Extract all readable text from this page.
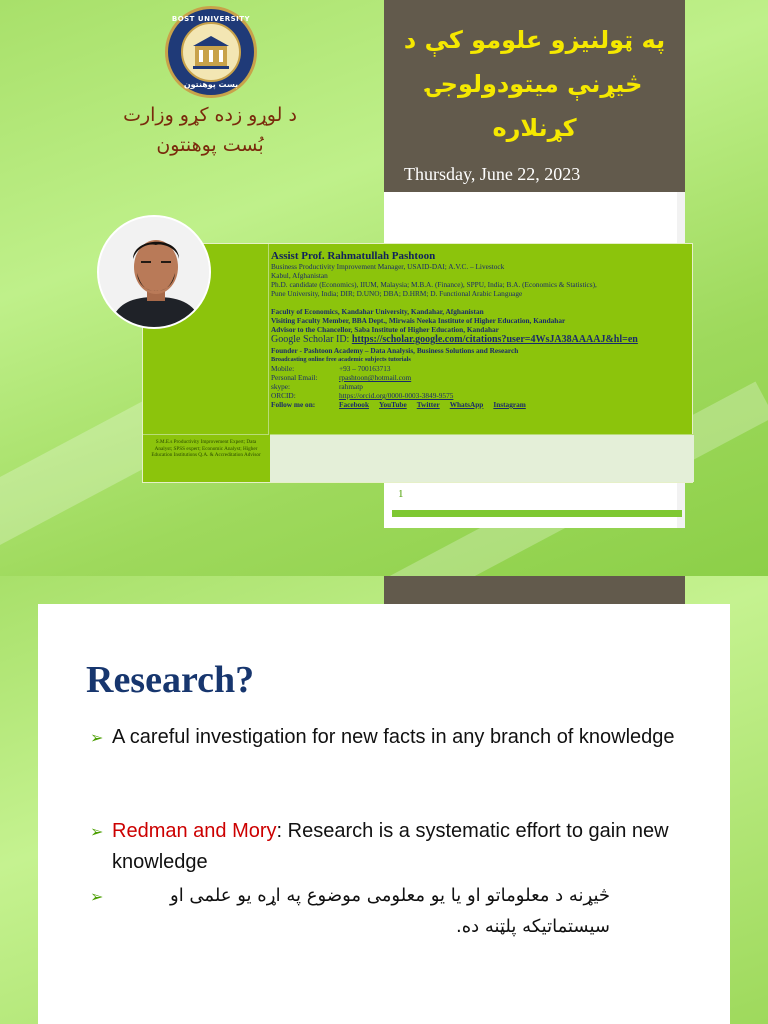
BOST UNIVERSITY
بست پوهنتون
د لوړو زده کړو وزارت
بُست پوهنتون
په ټولنیزو علومو کې د
څیړنې میتودولوجۍ
کړنلاره
Thursday, June 22, 2023
1
Assist Prof. Rahmatullah Pashtoon
Business Productivity Improvement Manager, USAID-DAI; A.V.C. – Livestock
Kabul, Afghanistan
Ph.D. candidate (Economics), IIUM, Malaysia; M.B.A. (Finance), SPPU, India; B.A. (Economics & Statistics),
Pune University, India; DIR; D.UNO; DBA; D.HRM; D. Functional Arabic Language
Faculty of Economics, Kandahar University, Kandahar, Afghanistan
Visiting Faculty Member, BBA Dept., Mirwais Neeka Institute of Higher Education, Kandahar
Advisor to the Chancellor, Saba Institute of Higher Education, Kandahar
Google Scholar ID: https://scholar.google.com/citations?user=4WsJA38AAAAJ&hl=en
Founder - Pashtoon Academy – Data Analysis, Business Solutions and Research
Broadcasting online free academic subjects tutorials
Mobile:	+93 – 700163713
Personal Email:	rpashtoon@hotmail.com
skype:	rahmatp
ORCID:	https://orcid.org/0000-0003-3849-9575
Follow me on:	Facebook YouTube Twitter WhatsApp Instagram
S.M.E.s Productivity Improvement Expert; Data Analyst; SPSS expert; Economic Analyst; Higher Education Institutions Q.A. & Accreditation Advisor
Research?
➢ A careful investigation for new facts in any branch of knowledge
➢ Redman and Mory: Research is a systematic effort to gain new knowledge
➢	څیړنه د معلوماتو او یا یو معلومی موضوع په اړه یو علمی او سیستماتیکه پلټنه ده.
